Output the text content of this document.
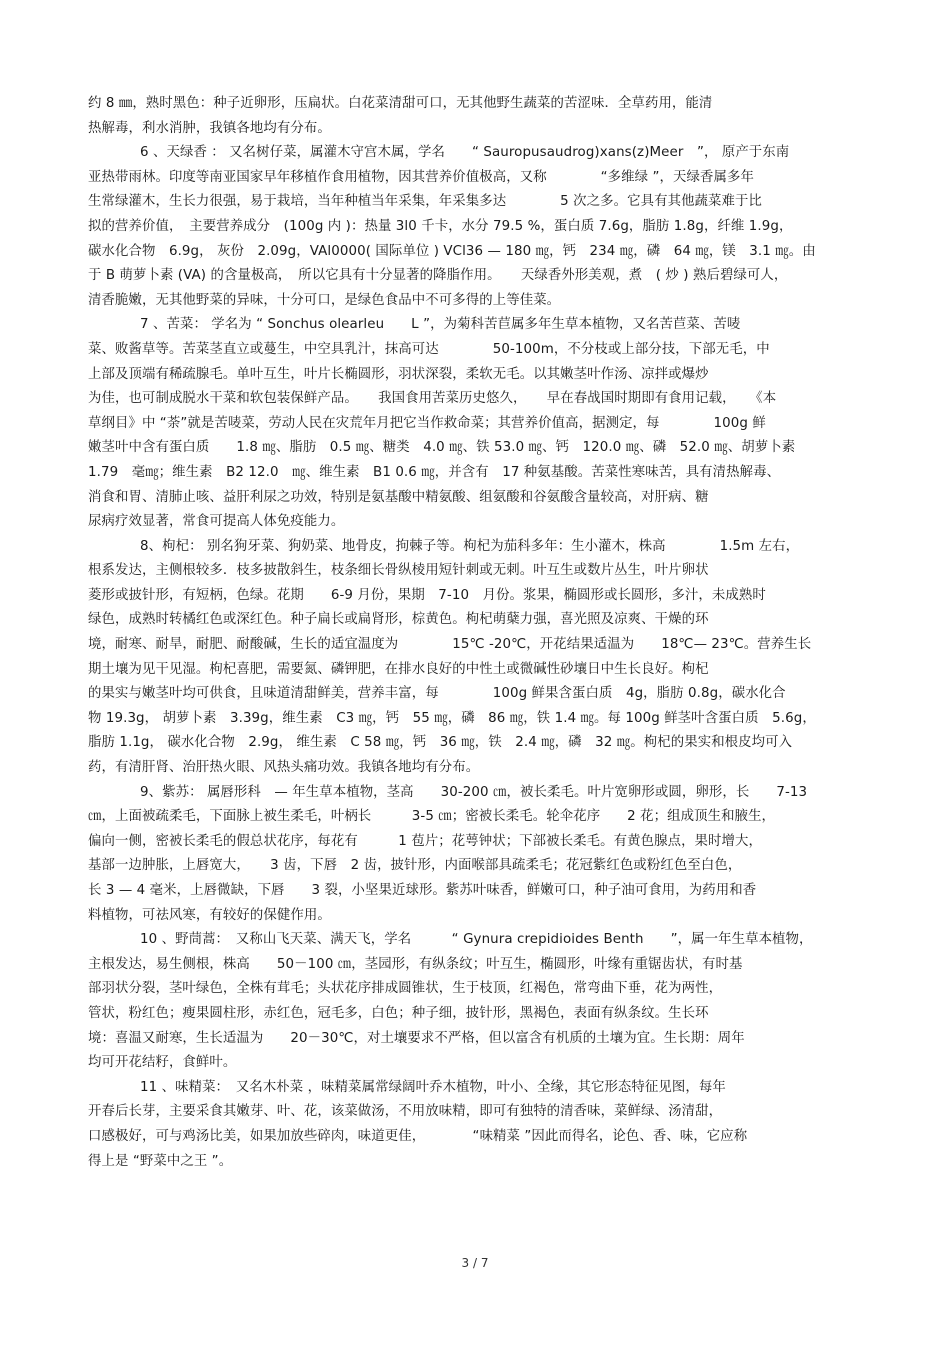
约 8 ㎜，熟时黑色：种子近卵形，压扁状。白花菜清甜可口，无其他野生蔬菜的苦涩味．全草药用，能清
热解毒，利水消肿，我镇各地均有分布。
6 、天绿香 ： 又名树仔菜，属灌木守宫木属，学名　　“ Sauropusaudrog)xans(z)Meer　”， 原产于东南
亚热带雨林。印度等南亚国家早年移植作食用植物，因其营养价值极高，又称　　　　“多维绿 ”，天绿香属多年
生常绿灌木，生长力很强，易于栽培，当年种植当年采集，年采集多达　　　　5 次之多。它具有其他蔬菜难于比
拟的营养价值，　主要营养成分　(100g 内 )：热量 3l0 千卡，水分 79.5 %，蛋白质 7.6g，脂肪 1.8g，纤维 1.9g，
碳水化合物　6.9g， 灰份　2.09g，VAl0000( 国际单位 ) VCl36 — 180 ㎎，钙　234 ㎎，磷　64 ㎎，镁　3.1 ㎎。由
于 B 萌萝卜素 (VA) 的含量极高，　所以它具有十分显著的降脂作用。　　天绿香外形美观，煮　( 炒 ) 熟后碧绿可人，
清香脆嫩，无其他野菜的异味，十分可口，是绿色食品中不可多得的上等佳菜。
7 、苦菜： 学名为 “ Sonchus olearleu　　L ”，为菊科苦苣属多年生草本植物，又名苦苣菜、苦唛
菜、败酱草等。苦菜茎直立或蔓生，中空具乳汁，抹高可达　　　　50-100m，不分枝或上部分技，下部无毛，中
上部及顶端有稀疏腺毛。单叶互生，叶片长椭圆形，羽状深裂，柔软无毛。以其嫩茎叶作汤、凉拌或爆炒
为佳，也可制成脱水干菜和软包装保鲜产品。　　我国食用苦菜历史悠久，　　早在春战国时期即有食用记载，　　《本
草纲目》中 “荼”就是苦唛菜，劳动人民在灾荒年月把它当作救命菜；其营养价值高，据测定，每　　　　100g 鲜
嫩茎叶中含有蛋白质　　1.8 ㎎、脂肪　0.5 ㎎、糖类　4.0 ㎎、铁 53.0 ㎎、钙　120.0 ㎎、磷　52.0 ㎎、胡萝卜素
1.79　毫㎎；维生素　B2 12.0　㎎、维生素　B1 0.6 ㎎，并含有　17 种氨基酸。苦菜性寒味苦，具有清热解毒、
消食和胃、清肺止咳、益肝利尿之功效，特别是氨基酸中精氨酸、组氨酸和谷氨酸含量较高，对肝病、糖
尿病疗效显著，常食可提高人体免疫能力。
8、枸杞： 别名狗牙菜、狗奶菜、地骨皮，拘棘子等。枸杞为茄科多年：生小灌木，株高　　　　1.5m 左右，
根系发达，主侧根较多．枝多披散斜生，枝条细长骨纵棱用短针刺或无刺。叶互生或数片丛生，叶片卵状
菱形或披针形，有短柄，色绿。花期　　6-9 月份，果期　7-10　月份。浆果，椭圆形或长圆形，多汁，未成熟时
绿色，成熟时转橘红色或深红色。种子扁长或扁肾形，棕黄色。枸杞萌蘖力强，喜光照及凉爽、干燥的环
境，耐寒、耐旱，耐肥、耐酸碱，生长的适宜温度为　　　　15℃ -20℃，开花结果适温为　　18℃— 23℃。营养生长
期土壤为见干见湿。枸杞喜肥，需要氮、磷钾肥，在排水良好的中性土或微碱性砂壤日中生长良好。枸杞
的果实与嫩茎叶均可供食，且味道清甜鲜美，营养丰富，每　　　　100g 鲜果含蛋白质　4g，脂肪 0.8g，碳水化合
物 19.3g， 胡萝卜素　3.39g，维生素　C3 ㎎，钙　55 ㎎，磷　86 ㎎，铁 1.4 ㎎。每 100g 鲜茎叶含蛋白质　5.6g，
脂肪 1.1g， 碳水化合物　2.9g， 维生素　C 58 ㎎，钙　36 ㎎，铁　2.4 ㎎，磷　32 ㎎。枸杞的果实和根皮均可入
药，有清肝肾、治肝热火眼、风热头痛功效。我镇各地均有分布。
9、紫苏： 属唇形科　— 年生草本植物，茎高　　30-200 ㎝，被长柔毛。叶片宽卵形或圆，卵形，长　　7-13
㎝，上面被疏柔毛，下面脉上被生柔毛，叶柄长　　　3-5 ㎝；密被长柔毛。轮伞花序　　2 花；组成顶生和腋生，
偏向一侧，密被长柔毛的假总状花序，每花有　　　1 苞片；花萼钟状；下部被长柔毛。有黄色腺点，果时增大，
基部一边肿胀，上唇宽大，　　3 齿，下唇　2 齿，披针形，内面喉部具疏柔毛；花冠紫红色或粉红色至白色，
长 3 — 4 毫米，上唇微缺，下唇　　3 裂，小坚果近球形。紫苏叶味香，鲜嫩可口，种子油可食用，为药用和香
料植物，可祛风寒，有较好的保健作用。
10 、野茼蒿：　又称山飞天菜、满天飞，学名　　　“ Gynura crepidioides Benth　　”，属一年生草本植物，
主根发达，易生侧根，株高　　50－100 ㎝，茎园形，有纵条纹；叶互生，椭圆形，叶缘有重锯齿状，有时基
部羽状分裂，茎叶绿色，全株有茸毛；头状花序排成圆锥状，生于枝顶，红褐色，常弯曲下垂，花为两性，
管状，粉红色；瘦果圆柱形，赤红色，冠毛多，白色；种子细，披针形，黑褐色，表面有纵条纹。生长环
境：喜温又耐寒，生长适温为　　20－30℃，对土壤要求不严格，但以富含有机质的土壤为宜。生长期：周年
均可开花结籽，食鲜叶。
11 、味精菜：　又名木朴菜 ，味精菜属常绿阔叶乔木植物，叶小、全缘，其它形态特征见图，每年
开春后长芽，主要采食其嫩芽、叶、花，该菜做汤，不用放味精，即可有独特的清香味，菜鲜绿、汤清甜，
口感极好，可与鸡汤比美，如果加放些碎肉，味道更佳，　　　　“味精菜 ”因此而得名，论色、香、味，它应称
得上是 “野菜中之王 ”。
3 / 7
